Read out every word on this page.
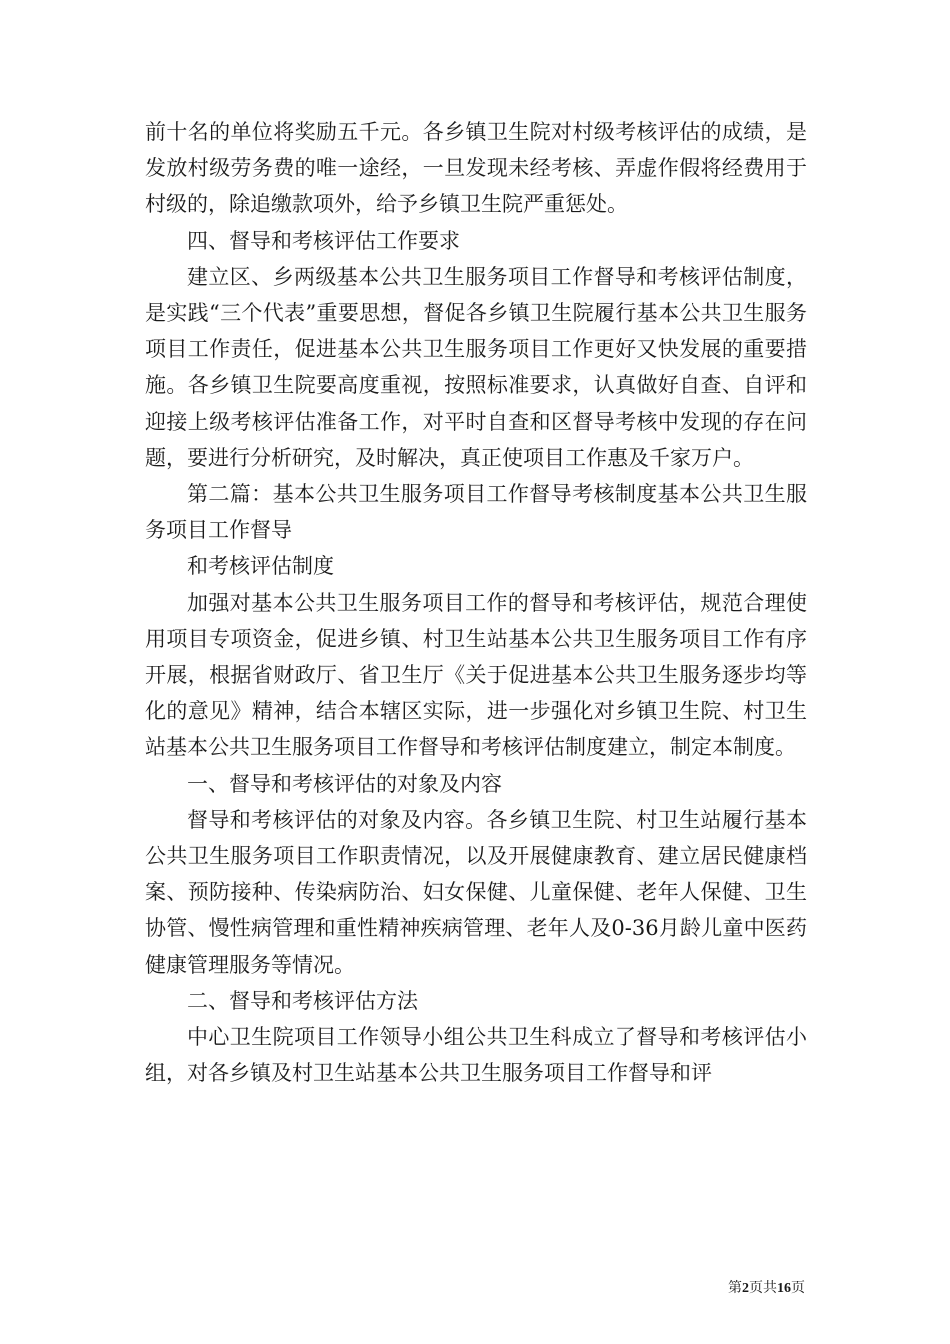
前十名的单位将奖励五千元。各乡镇卫生院对村级考核评估的成绩，是发放村级劳务费的唯一途经，一旦发现未经考核、弄虚作假将经费用于村级的，除追缴款项外，给予乡镇卫生院严重惩处。

四、督导和考核评估工作要求

建立区、乡两级基本公共卫生服务项目工作督导和考核评估制度，是实践“三个代表”重要思想，督促各乡镇卫生院履行基本公共卫生服务项目工作责任，促进基本公共卫生服务项目工作更好又快发展的重要措施。各乡镇卫生院要高度重视，按照标准要求，认真做好自查、自评和迎接上级考核评估准备工作，对平时自查和区督导考核中发现的存在问题，要进行分析研究，及时解决，真正使项目工作惠及千家万户。

第二篇：基本公共卫生服务项目工作督导考核制度基本公共卫生服务项目工作督导

和考核评估制度

加强对基本公共卫生服务项目工作的督导和考核评估，规范合理使用项目专项资金，促进乡镇、村卫生站基本公共卫生服务项目工作有序开展，根据省财政厅、省卫生厅《关于促进基本公共卫生服务逐步均等化的意见》精神，结合本辖区实际，进一步强化对乡镇卫生院、村卫生站基本公共卫生服务项目工作督导和考核评估制度建立，制定本制度。

一、督导和考核评估的对象及内容

督导和考核评估的对象及内容。各乡镇卫生院、村卫生站履行基本公共卫生服务项目工作职责情况，以及开展健康教育、建立居民健康档案、预防接种、传染病防治、妇女保健、儿童保健、老年人保健、卫生协管、慢性病管理和重性精神疾病管理、老年人及0-36月龄儿童中医药健康管理服务等情况。

二、督导和考核评估方法

中心卫生院项目工作领导小组公共卫生科成立了督导和考核评估小组，对各乡镇及村卫生站基本公共卫生服务项目工作督导和评

第2页共16页
